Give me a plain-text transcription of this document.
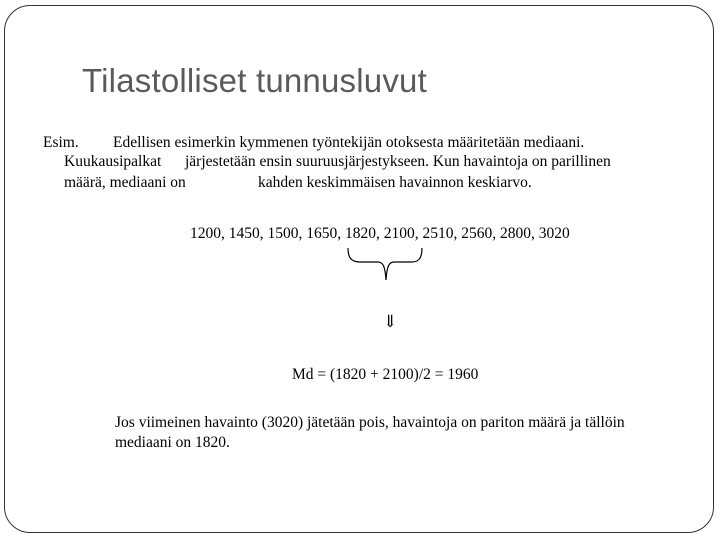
Tilastolliset tunnusluvut
Esim. Edellisen esimerkin kymmenen työntekijän otoksesta määritetään mediaani.
Kuukausipalkat järjestetään ensin suuruusjärjestykseen. Kun havaintoja on parillinen
määrä, mediaani on	kahden keskimmäisen havainnon keskiarvo.
1200, 1450, 1500, 1650, 1820, 2100, 2510, 2560, 2800, 3020
⇓
Md = (1820 + 2100)/2 = 1960
Jos viimeinen havainto (3020) jätetään pois, havaintoja on pariton määrä ja tällöin
mediaani on 1820.
